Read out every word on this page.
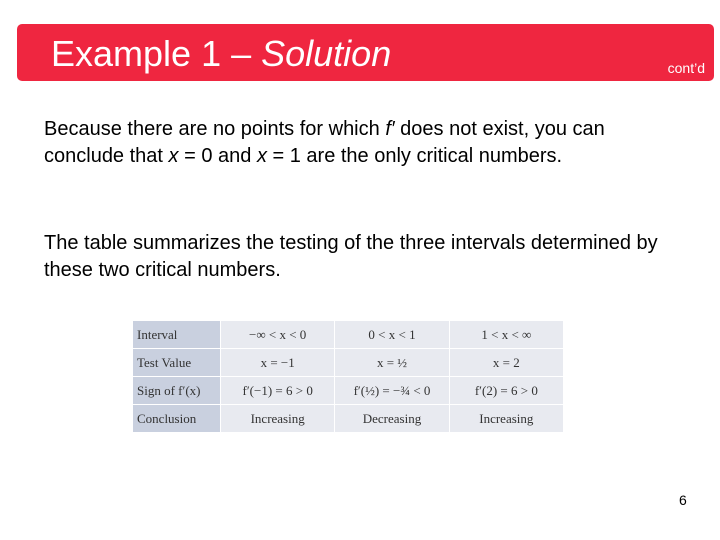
Example 1 – Solution	cont’d

Because there are no points for which f′ does not exist, you can conclude that x = 0 and x = 1 are the only critical numbers.

The table summarizes the testing of the three intervals determined by these two critical numbers.

Interval	−∞ < x < 0	0 < x < 1	1 < x < ∞
Test Value	x = −1	x = ½	x = 2
Sign of f′(x)	f′(−1) = 6 > 0	f′(½) = −¾ < 0	f′(2) = 6 > 0
Conclusion	Increasing	Decreasing	Increasing
6
